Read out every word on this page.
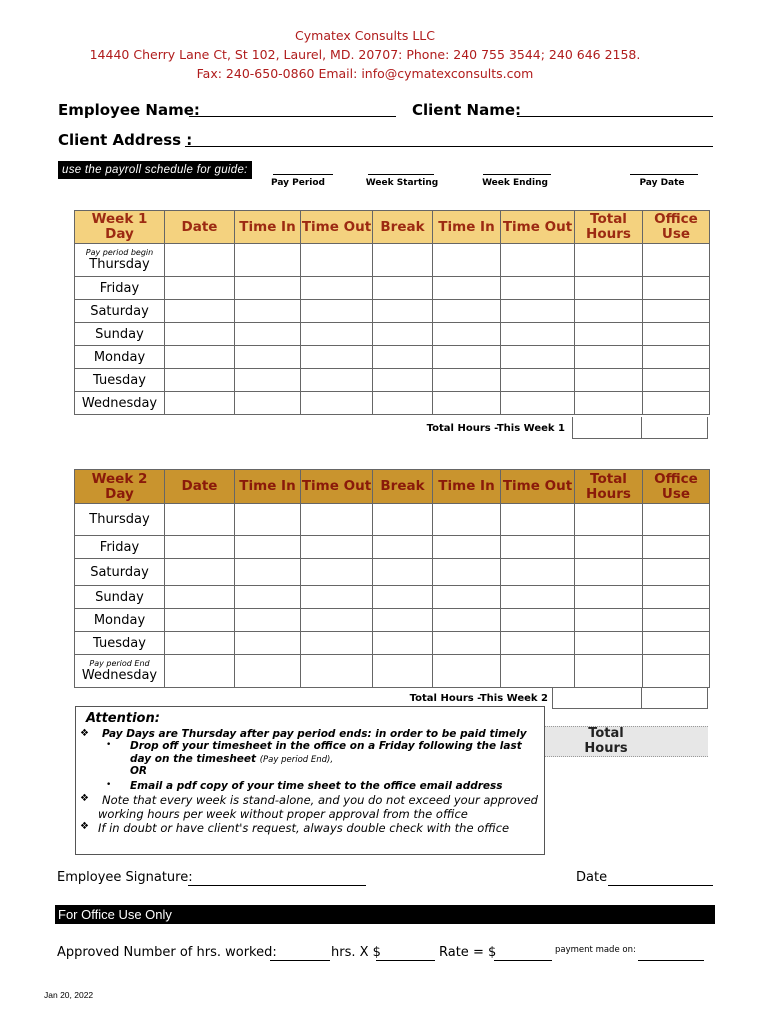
Cymatex Consults LLC
14440 Cherry Lane Ct, St 102, Laurel, MD. 20707: Phone: 240 755 3544; 240 646 2158.
Fax: 240-650-0860 Email: info@cymatexconsults.com
Employee Name:	Client Name:
Client Address :
use the payroll schedule for guide:
Pay Period	Week Starting	Week Ending	Pay Date
Week 1 Day	Date	Time In	Time Out	Break	Time In	Time Out	Total Hours	Office Use

Pay period begin
Thursday								
Friday								
Saturday								
Sunday								
Monday								
Tuesday								
Wednesday								
Total Hours -This Week 1
Week 2 Day	Date	Time In	Time Out	Break	Time In	Time Out	Total Hours	Office Use
Thursday								
Friday								
Saturday								
Sunday								
Monday								
Tuesday								

Pay period End
Wednesday								
Total Hours -This Week 2
Total Hours
Attention:
❖ Pay Days are Thursday after pay period ends: in order to be paid timely
• Drop off your timesheet in the office on a Friday following the last
day on the timesheet (Pay period End),
OR
• Email a pdf copy of your time sheet to the office email address
❖ Note that every week is stand-alone, and you do not exceed your approved
working hours per week without proper approval from the office
❖ If in doubt or have client's request, always double check with the office
Employee Signature:	Date
For Office Use Only
Approved Number of hrs. worked:	hrs. X $	Rate = $	payment made on:
Jan 20, 2022
